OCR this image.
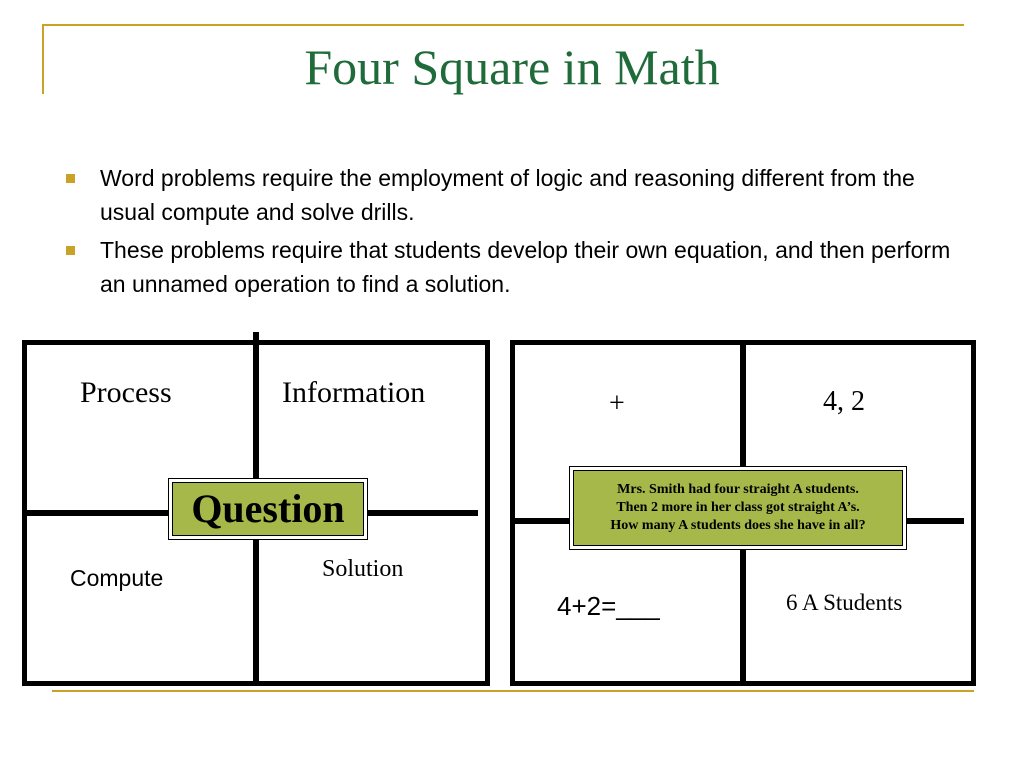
Four Square in Math
Word problems require the employment of logic and reasoning different from the usual compute and solve drills.
These problems require that students develop their own equation, and then perform an unnamed operation to find a solution.
Process	Information
Compute	Solution
Question
+	4, 2
4+2=___	6 A Students
Mrs. Smith had four straight A students.
Then 2 more in her class got straight A’s.
How many A students does she have in all?
